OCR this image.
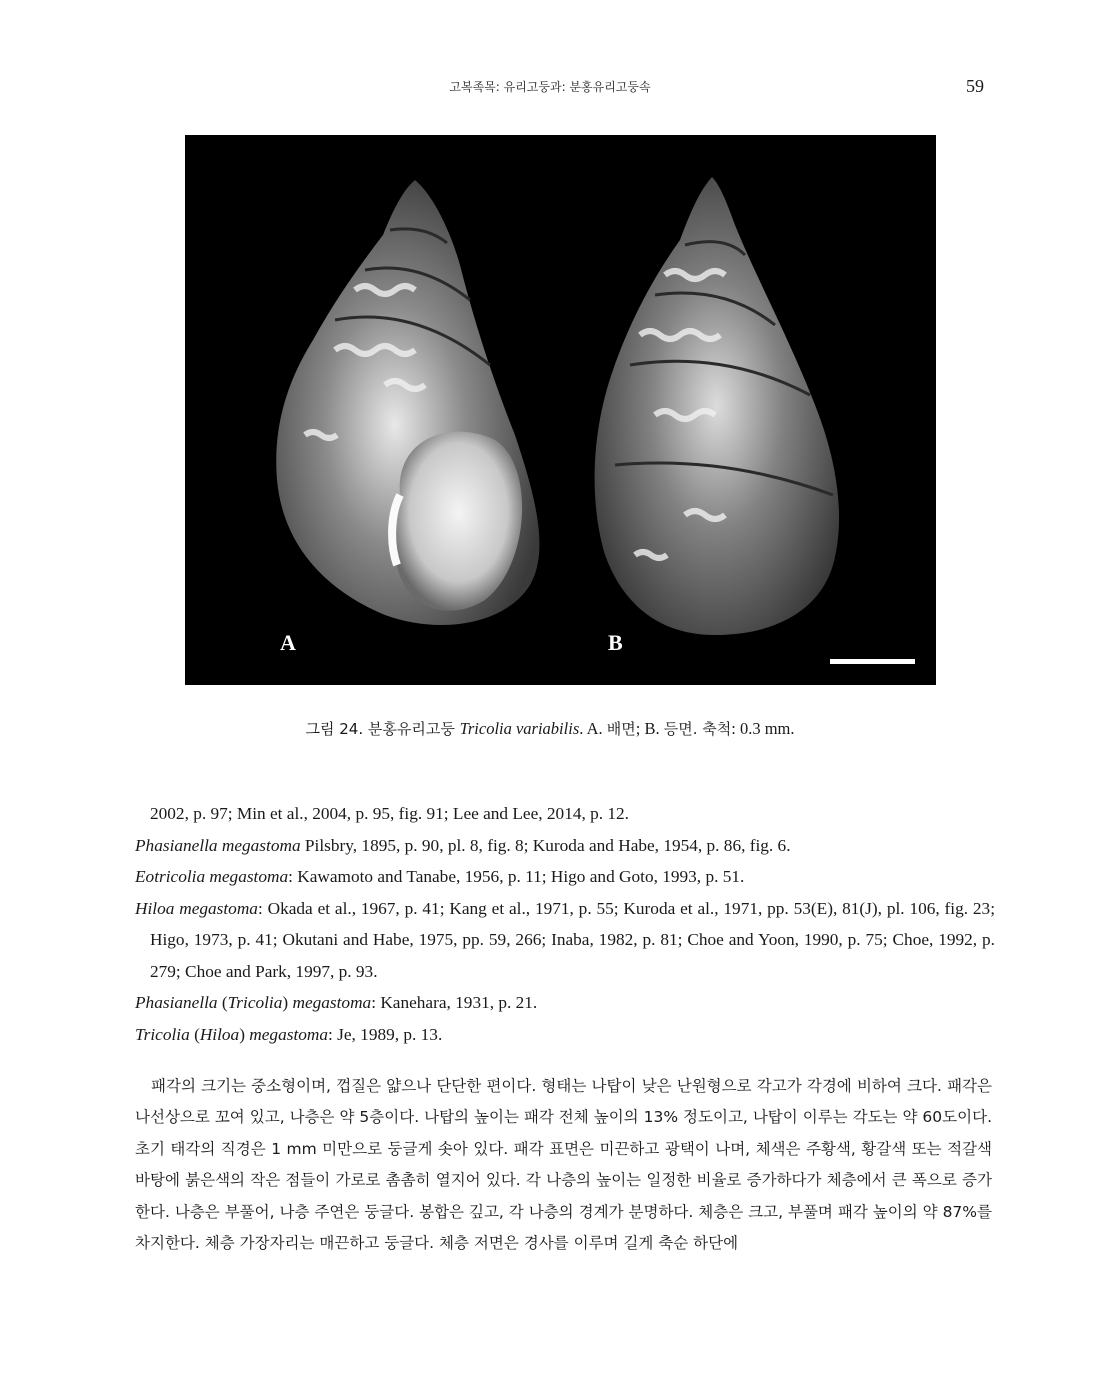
고복족목: 유리고둥과: 분홍유리고둥속	59
A	B
그림 24. 분홍유리고둥 Tricolia variabilis. A. 배면; B. 등면. 축척: 0.3 mm.

2002, p. 97; Min et al., 2004, p. 95, fig. 91; Lee and Lee, 2014, p. 12.

Phasianella megastoma Pilsbry, 1895, p. 90, pl. 8, fig. 8; Kuroda and Habe, 1954, p. 86, fig. 6.

Eotricolia megastoma: Kawamoto and Tanabe, 1956, p. 11; Higo and Goto, 1993, p. 51.

Hiloa megastoma: Okada et al., 1967, p. 41; Kang et al., 1971, p. 55; Kuroda et al., 1971, pp. 53(E), 81(J), pl. 106, fig. 23; Higo, 1973, p. 41; Okutani and Habe, 1975, pp. 59, 266; Inaba, 1982, p. 81; Choe and Yoon, 1990, p. 75; Choe, 1992, p. 279; Choe and Park, 1997, p. 93.

Phasianella (Tricolia) megastoma: Kanehara, 1931, p. 21.

Tricolia (Hiloa) megastoma: Je, 1989, p. 13.

패각의 크기는 중소형이며, 껍질은 얇으나 단단한 편이다. 형태는 나탑이 낮은 난원형으로 각고가 각경에 비하여 크다. 패각은 나선상으로 꼬여 있고, 나층은 약 5층이다. 나탑의 높이는 패각 전체 높이의 13% 정도이고, 나탑이 이루는 각도는 약 60도이다. 초기 태각의 직경은 1 mm 미만으로 둥글게 솟아 있다. 패각 표면은 미끈하고 광택이 나며, 체색은 주황색, 황갈색 또는 적갈색 바탕에 붉은색의 작은 점들이 가로로 촘촘히 열지어 있다. 각 나층의 높이는 일정한 비율로 증가하다가 체층에서 큰 폭으로 증가한다. 나층은 부풀어, 나층 주연은 둥글다. 봉합은 깊고, 각 나층의 경계가 분명하다. 체층은 크고, 부풀며 패각 높이의 약 87%를 차지한다. 체층 가장자리는 매끈하고 둥글다. 체층 저면은 경사를 이루며 길게 축순 하단에
